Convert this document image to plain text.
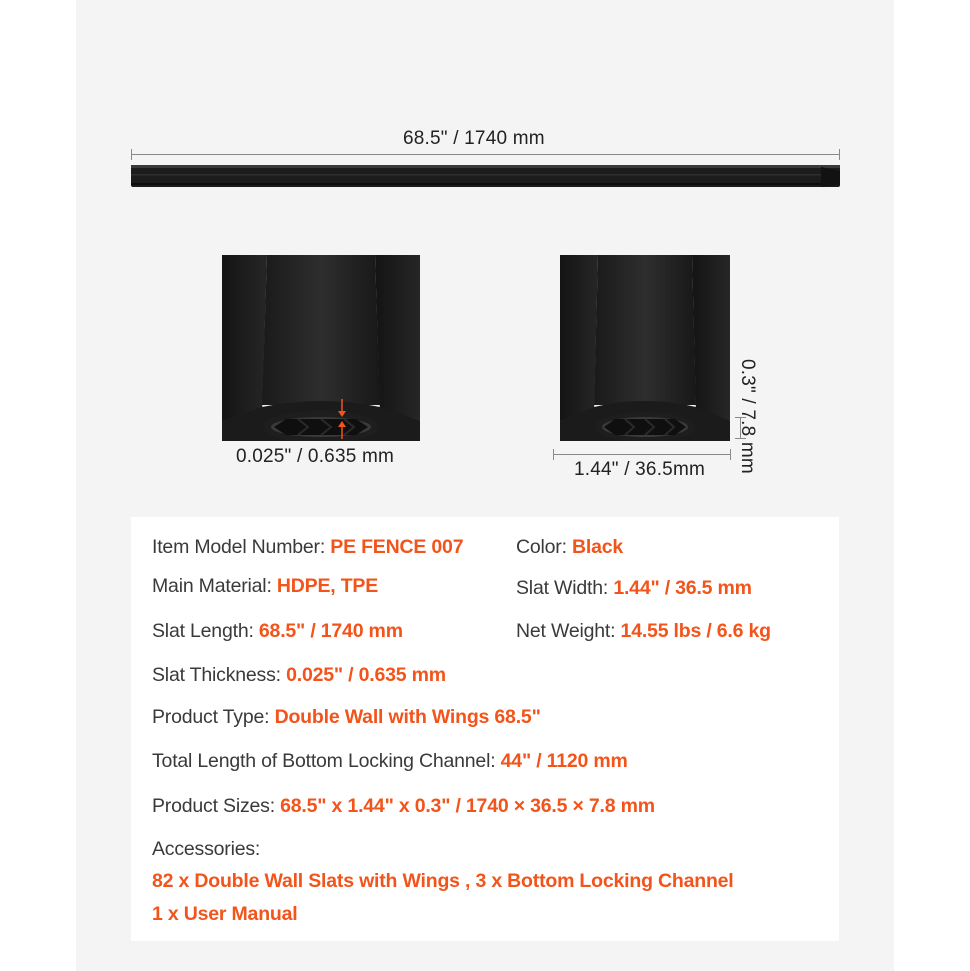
68.5" / 1740 mm
0.025" / 0.635 mm	0.3" / 7.8 mm
1.44" / 36.5mm
Item Model Number: PE FENCE 007	Color: Black
Main Material: HDPE, TPE	Slat Width: 1.44" / 36.5 mm
Slat Length: 68.5" / 1740 mm	Net Weight: 14.55 lbs / 6.6 kg
Slat Thickness: 0.025" / 0.635 mm
Product Type: Double Wall with Wings 68.5"
Total Length of Bottom Locking Channel: 44" / 1120 mm
Product Sizes: 68.5" x 1.44" x 0.3" / 1740 × 36.5 × 7.8 mm
Accessories:
82 x Double Wall Slats with Wings , 3 x Bottom Locking Channel
1 x User Manual
